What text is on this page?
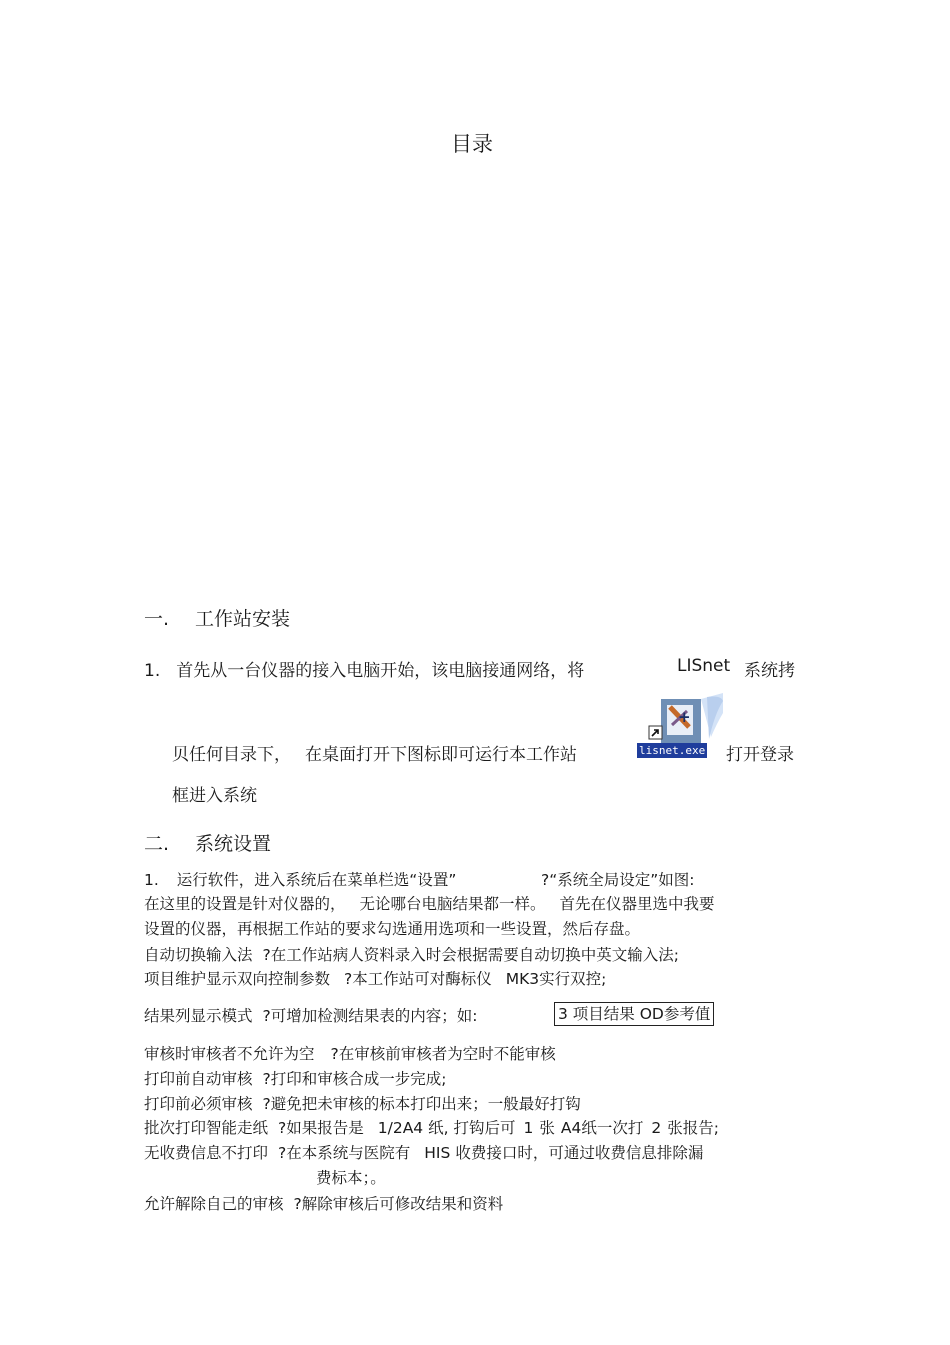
目录
一. 工作站安装
1. 首先从一台仪器的接入电脑开始，该电脑接通网络，将	LISnet 系统拷
贝任何目录下， 在桌面打开下图标即可运行本工作站
+
lisnet.exe 打开登录
框进入系统
二. 系统设置
1. 运行软件，进入系统后在菜单栏选“设置”	?“系统全局设定”如图:
在这里的设置是针对仪器的， 无论哪台电脑结果都一样。 首先在仪器里选中我要
设置的仪器，再根据工作站的要求勾选通用选项和一些设置，然后存盘。
自动切换输入法 ?在工作站病人资料录入时会根据需要自动切换中英文输入法;
项目维护显示双向控制参数 ?本工作站可对酶标仪 MK3实行双控;
结果列显示模式 ?可增加检测结果表的内容；如:	3 项目结果 OD参考值
审核时审核者不允许为空 ?在审核前审核者为空时不能审核
打印前自动审核 ?打印和审核合成一步完成;
打印前必须审核 ?避免把未审核的标本打印出来；一般最好打钩
批次打印智能走纸 ?如果报告是 1/2A4 纸, 打钩后可 1 张 A4纸一次打 2 张报告;
无收费信息不打印 ?在本系统与医院有 HIS 收费接口时，可通过收费信息排除漏
费标本；。
允许解除自己的审核 ?解除审核后可修改结果和资料
